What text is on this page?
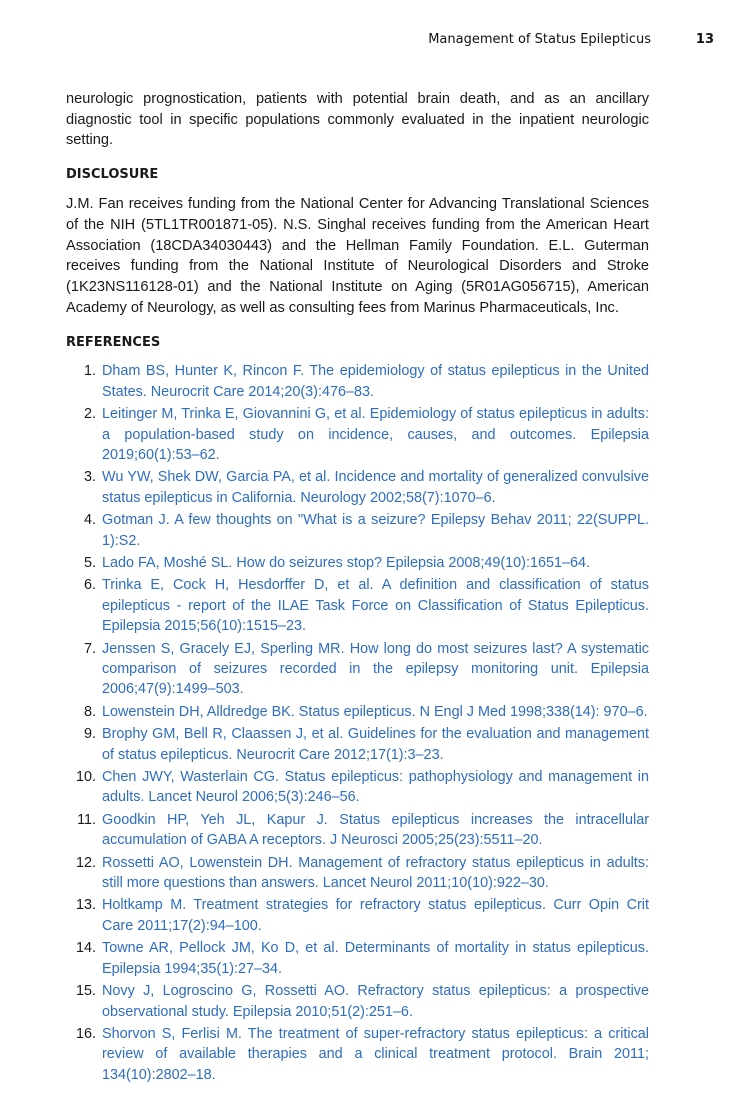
Management of Status Epilepticus	13

neurologic prognostication, patients with potential brain death, and as an ancillary diagnostic tool in specific populations commonly evaluated in the inpatient neurologic setting.

DISCLOSURE

J.M. Fan receives funding from the National Center for Advancing Translational Sciences of the NIH (5TL1TR001871-05). N.S. Singhal receives funding from the American Heart Association (18CDA34030443) and the Hellman Family Foundation. E.L. Guterman receives funding from the National Institute of Neurological Disorders and Stroke (1K23NS116128-01) and the National Institute on Aging (5R01AG056715), American Academy of Neurology, as well as consulting fees from Marinus Pharmaceuticals, Inc.

REFERENCES
1. Dham BS, Hunter K, Rincon F. The epidemiology of status epilepticus in the United States. Neurocrit Care 2014;20(3):476–83.
2. Leitinger M, Trinka E, Giovannini G, et al. Epidemiology of status epilepticus in adults: a population-based study on incidence, causes, and outcomes. Epilepsia 2019;60(1):53–62.
3. Wu YW, Shek DW, Garcia PA, et al. Incidence and mortality of generalized convulsive status epilepticus in California. Neurology 2002;58(7):1070–6.
4. Gotman J. A few thoughts on "What is a seizure? Epilepsy Behav 2011; 22(SUPPL. 1):S2.
5. Lado FA, Moshé SL. How do seizures stop? Epilepsia 2008;49(10):1651–64.
6. Trinka E, Cock H, Hesdorffer D, et al. A definition and classification of status epilepticus - report of the ILAE Task Force on Classification of Status Epilepticus. Epilepsia 2015;56(10):1515–23.
7. Jenssen S, Gracely EJ, Sperling MR. How long do most seizures last? A systematic comparison of seizures recorded in the epilepsy monitoring unit. Epilepsia 2006;47(9):1499–503.
8. Lowenstein DH, Alldredge BK. Status epilepticus. N Engl J Med 1998;338(14): 970–6.
9. Brophy GM, Bell R, Claassen J, et al. Guidelines for the evaluation and management of status epilepticus. Neurocrit Care 2012;17(1):3–23.
10. Chen JWY, Wasterlain CG. Status epilepticus: pathophysiology and management in adults. Lancet Neurol 2006;5(3):246–56.
11. Goodkin HP, Yeh JL, Kapur J. Status epilepticus increases the intracellular accumulation of GABA A receptors. J Neurosci 2005;25(23):5511–20.
12. Rossetti AO, Lowenstein DH. Management of refractory status epilepticus in adults: still more questions than answers. Lancet Neurol 2011;10(10):922–30.
13. Holtkamp M. Treatment strategies for refractory status epilepticus. Curr Opin Crit Care 2011;17(2):94–100.
14. Towne AR, Pellock JM, Ko D, et al. Determinants of mortality in status epilepticus. Epilepsia 1994;35(1):27–34.
15. Novy J, Logroscino G, Rossetti AO. Refractory status epilepticus: a prospective observational study. Epilepsia 2010;51(2):251–6.
16. Shorvon S, Ferlisi M. The treatment of super-refractory status epilepticus: a critical review of available therapies and a clinical treatment protocol. Brain 2011; 134(10):2802–18.
